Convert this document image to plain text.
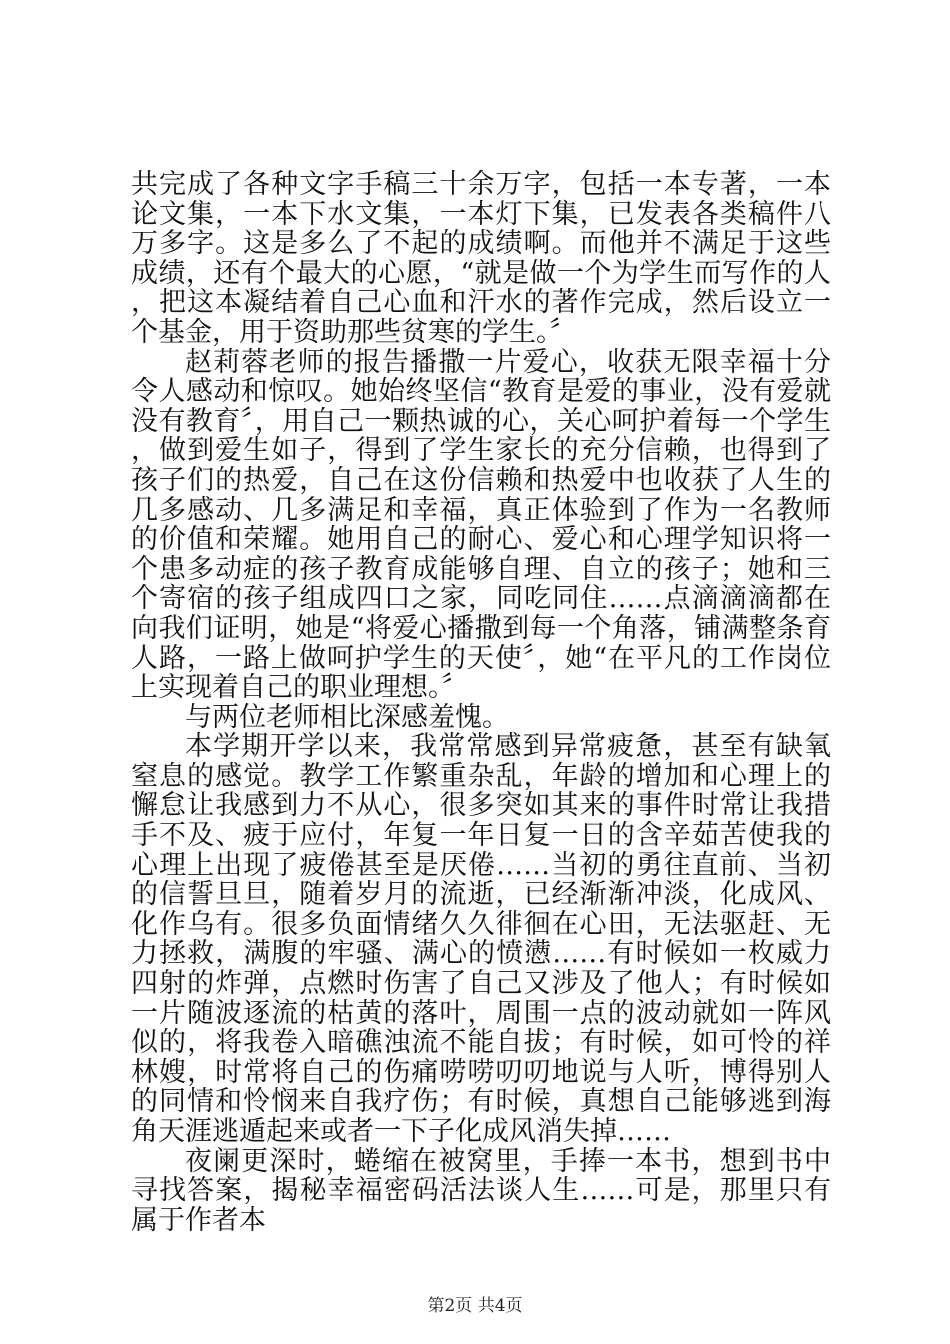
共完成了各种文字手稿三十余万字，包括一本专著，一本论文集，一本下水文集，一本灯下集，已发表各类稿件八万多字。这是多么了不起的成绩啊。而他并不满足于这些成绩，还有个最大的心愿，“就是做一个为学生而写作的人，把这本凝结着自己心血和汗水的著作完成，然后设立一个基金，用于资助那些贫寒的学生。〞

赵莉蓉老师的报告播撒一片爱心，收获无限幸福十分令人感动和惊叹。她始终坚信“教育是爱的事业，没有爱就没有教育〞，用自己一颗热诚的心，关心呵护着每一个学生，做到爱生如子，得到了学生家长的充分信赖，也得到了孩子们的热爱，自己在这份信赖和热爱中也收获了人生的几多感动、几多满足和幸福，真正体验到了作为一名教师的价值和荣耀。她用自己的耐心、爱心和心理学知识将一个患多动症的孩子教育成能够自理、自立的孩子；她和三个寄宿的孩子组成四口之家，同吃同住……点滴滴滴都在向我们证明，她是“将爱心播撒到每一个角落，铺满整条育人路，一路上做呵护学生的天使〞，她“在平凡的工作岗位上实现着自己的职业理想。〞

与两位老师相比深感羞愧。

本学期开学以来，我常常感到异常疲惫，甚至有缺氧窒息的感觉。教学工作繁重杂乱，年龄的增加和心理上的懈怠让我感到力不从心，很多突如其来的事件时常让我措手不及、疲于应付，年复一年日复一日的含辛茹苦使我的心理上出现了疲倦甚至是厌倦……当初的勇往直前、当初的信誓旦旦，随着岁月的流逝，已经渐渐冲淡，化成风、化作乌有。很多负面情绪久久徘徊在心田，无法驱赶、无力拯救，满腹的牢骚、满心的愤懑……有时候如一枚威力四射的炸弹，点燃时伤害了自己又涉及了他人；有时候如一片随波逐流的枯黄的落叶，周围一点的波动就如一阵风似的，将我卷入暗礁浊流不能自拔；有时候，如可怜的祥林嫂，时常将自己的伤痛唠唠叨叨地说与人听，博得别人的同情和怜悯来自我疗伤；有时候，真想自己能够逃到海角天涯逃遁起来或者一下子化成风消失掉……

夜阑更深时，蜷缩在被窝里，手捧一本书，想到书中寻找答案，揭秘幸福密码活法谈人生……可是，那里只有属于作者本

第2页 共4页
